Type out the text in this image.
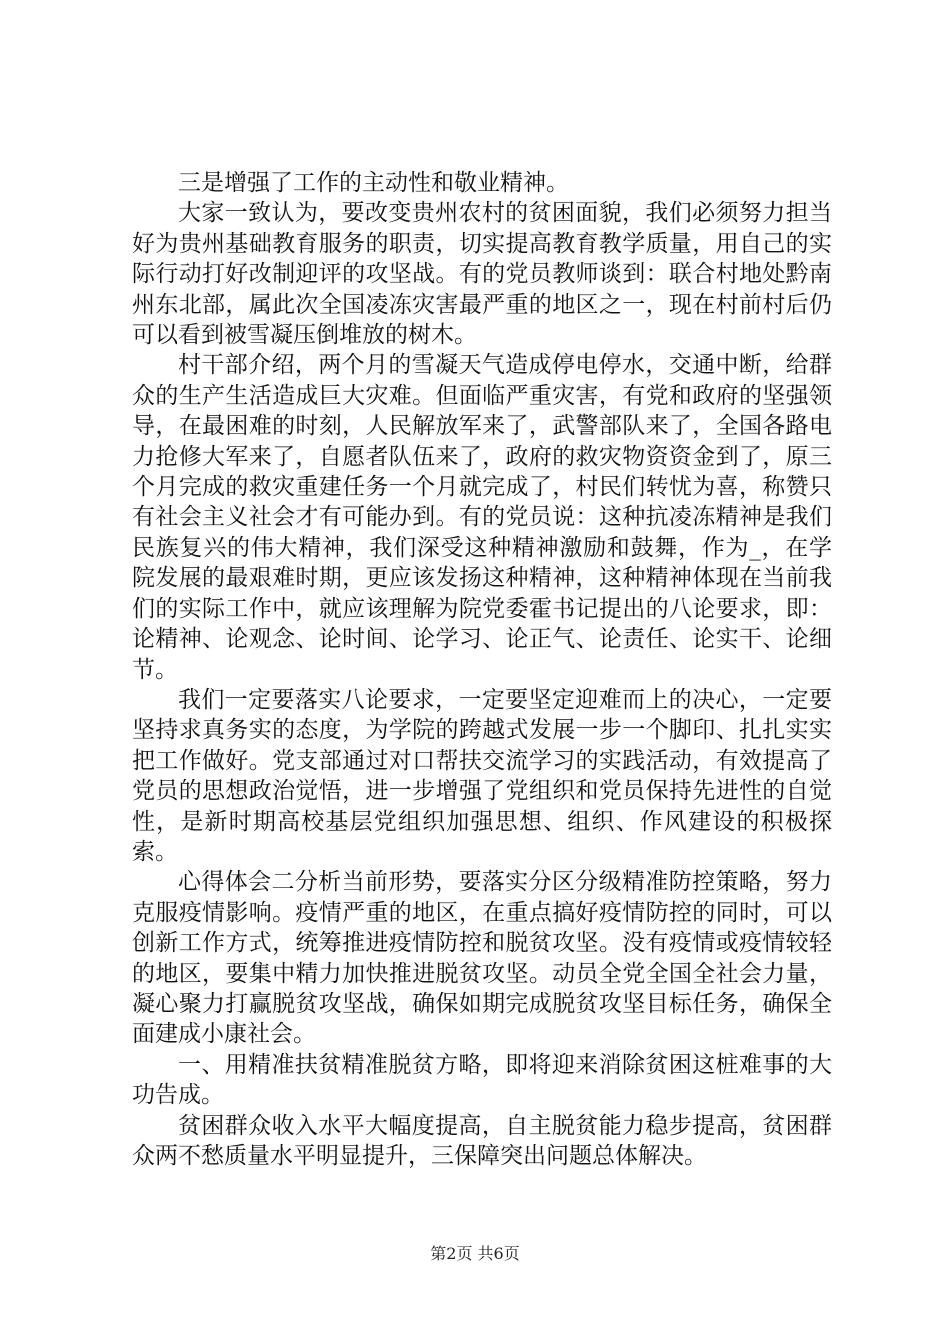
三是增强了工作的主动性和敬业精神。

大家一致认为，要改变贵州农村的贫困面貌，我们必须努力担当好为贵州基础教育服务的职责，切实提高教育教学质量，用自己的实际行动打好改制迎评的攻坚战。有的党员教师谈到：联合村地处黔南州东北部，属此次全国凌冻灾害最严重的地区之一，现在村前村后仍可以看到被雪凝压倒堆放的树木。

村干部介绍，两个月的雪凝天气造成停电停水，交通中断，给群众的生产生活造成巨大灾难。但面临严重灾害，有党和政府的坚强领导，在最困难的时刻，人民解放军来了，武警部队来了，全国各路电力抢修大军来了，自愿者队伍来了，政府的救灾物资资金到了，原三个月完成的救灾重建任务一个月就完成了，村民们转忧为喜，称赞只有社会主义社会才有可能办到。有的党员说：这种抗凌冻精神是我们民族复兴的伟大精神，我们深受这种精神激励和鼓舞，作为_，在学院发展的最艰难时期，更应该发扬这种精神，这种精神体现在当前我们的实际工作中，就应该理解为院党委霍书记提出的八论要求，即：论精神、论观念、论时间、论学习、论正气、论责任、论实干、论细节。

我们一定要落实八论要求，一定要坚定迎难而上的决心，一定要坚持求真务实的态度，为学院的跨越式发展一步一个脚印、扎扎实实把工作做好。党支部通过对口帮扶交流学习的实践活动，有效提高了党员的思想政治觉悟，进一步增强了党组织和党员保持先进性的自觉性，是新时期高校基层党组织加强思想、组织、作风建设的积极探索。

心得体会二分析当前形势，要落实分区分级精准防控策略，努力克服疫情影响。疫情严重的地区，在重点搞好疫情防控的同时，可以创新工作方式，统筹推进疫情防控和脱贫攻坚。没有疫情或疫情较轻的地区，要集中精力加快推进脱贫攻坚。动员全党全国全社会力量，凝心聚力打赢脱贫攻坚战，确保如期完成脱贫攻坚目标任务，确保全面建成小康社会。

一、用精准扶贫精准脱贫方略，即将迎来消除贫困这桩难事的大功告成。

贫困群众收入水平大幅度提高，自主脱贫能力稳步提高，贫困群众两不愁质量水平明显提升，三保障突出问题总体解决。

第2页 共6页
